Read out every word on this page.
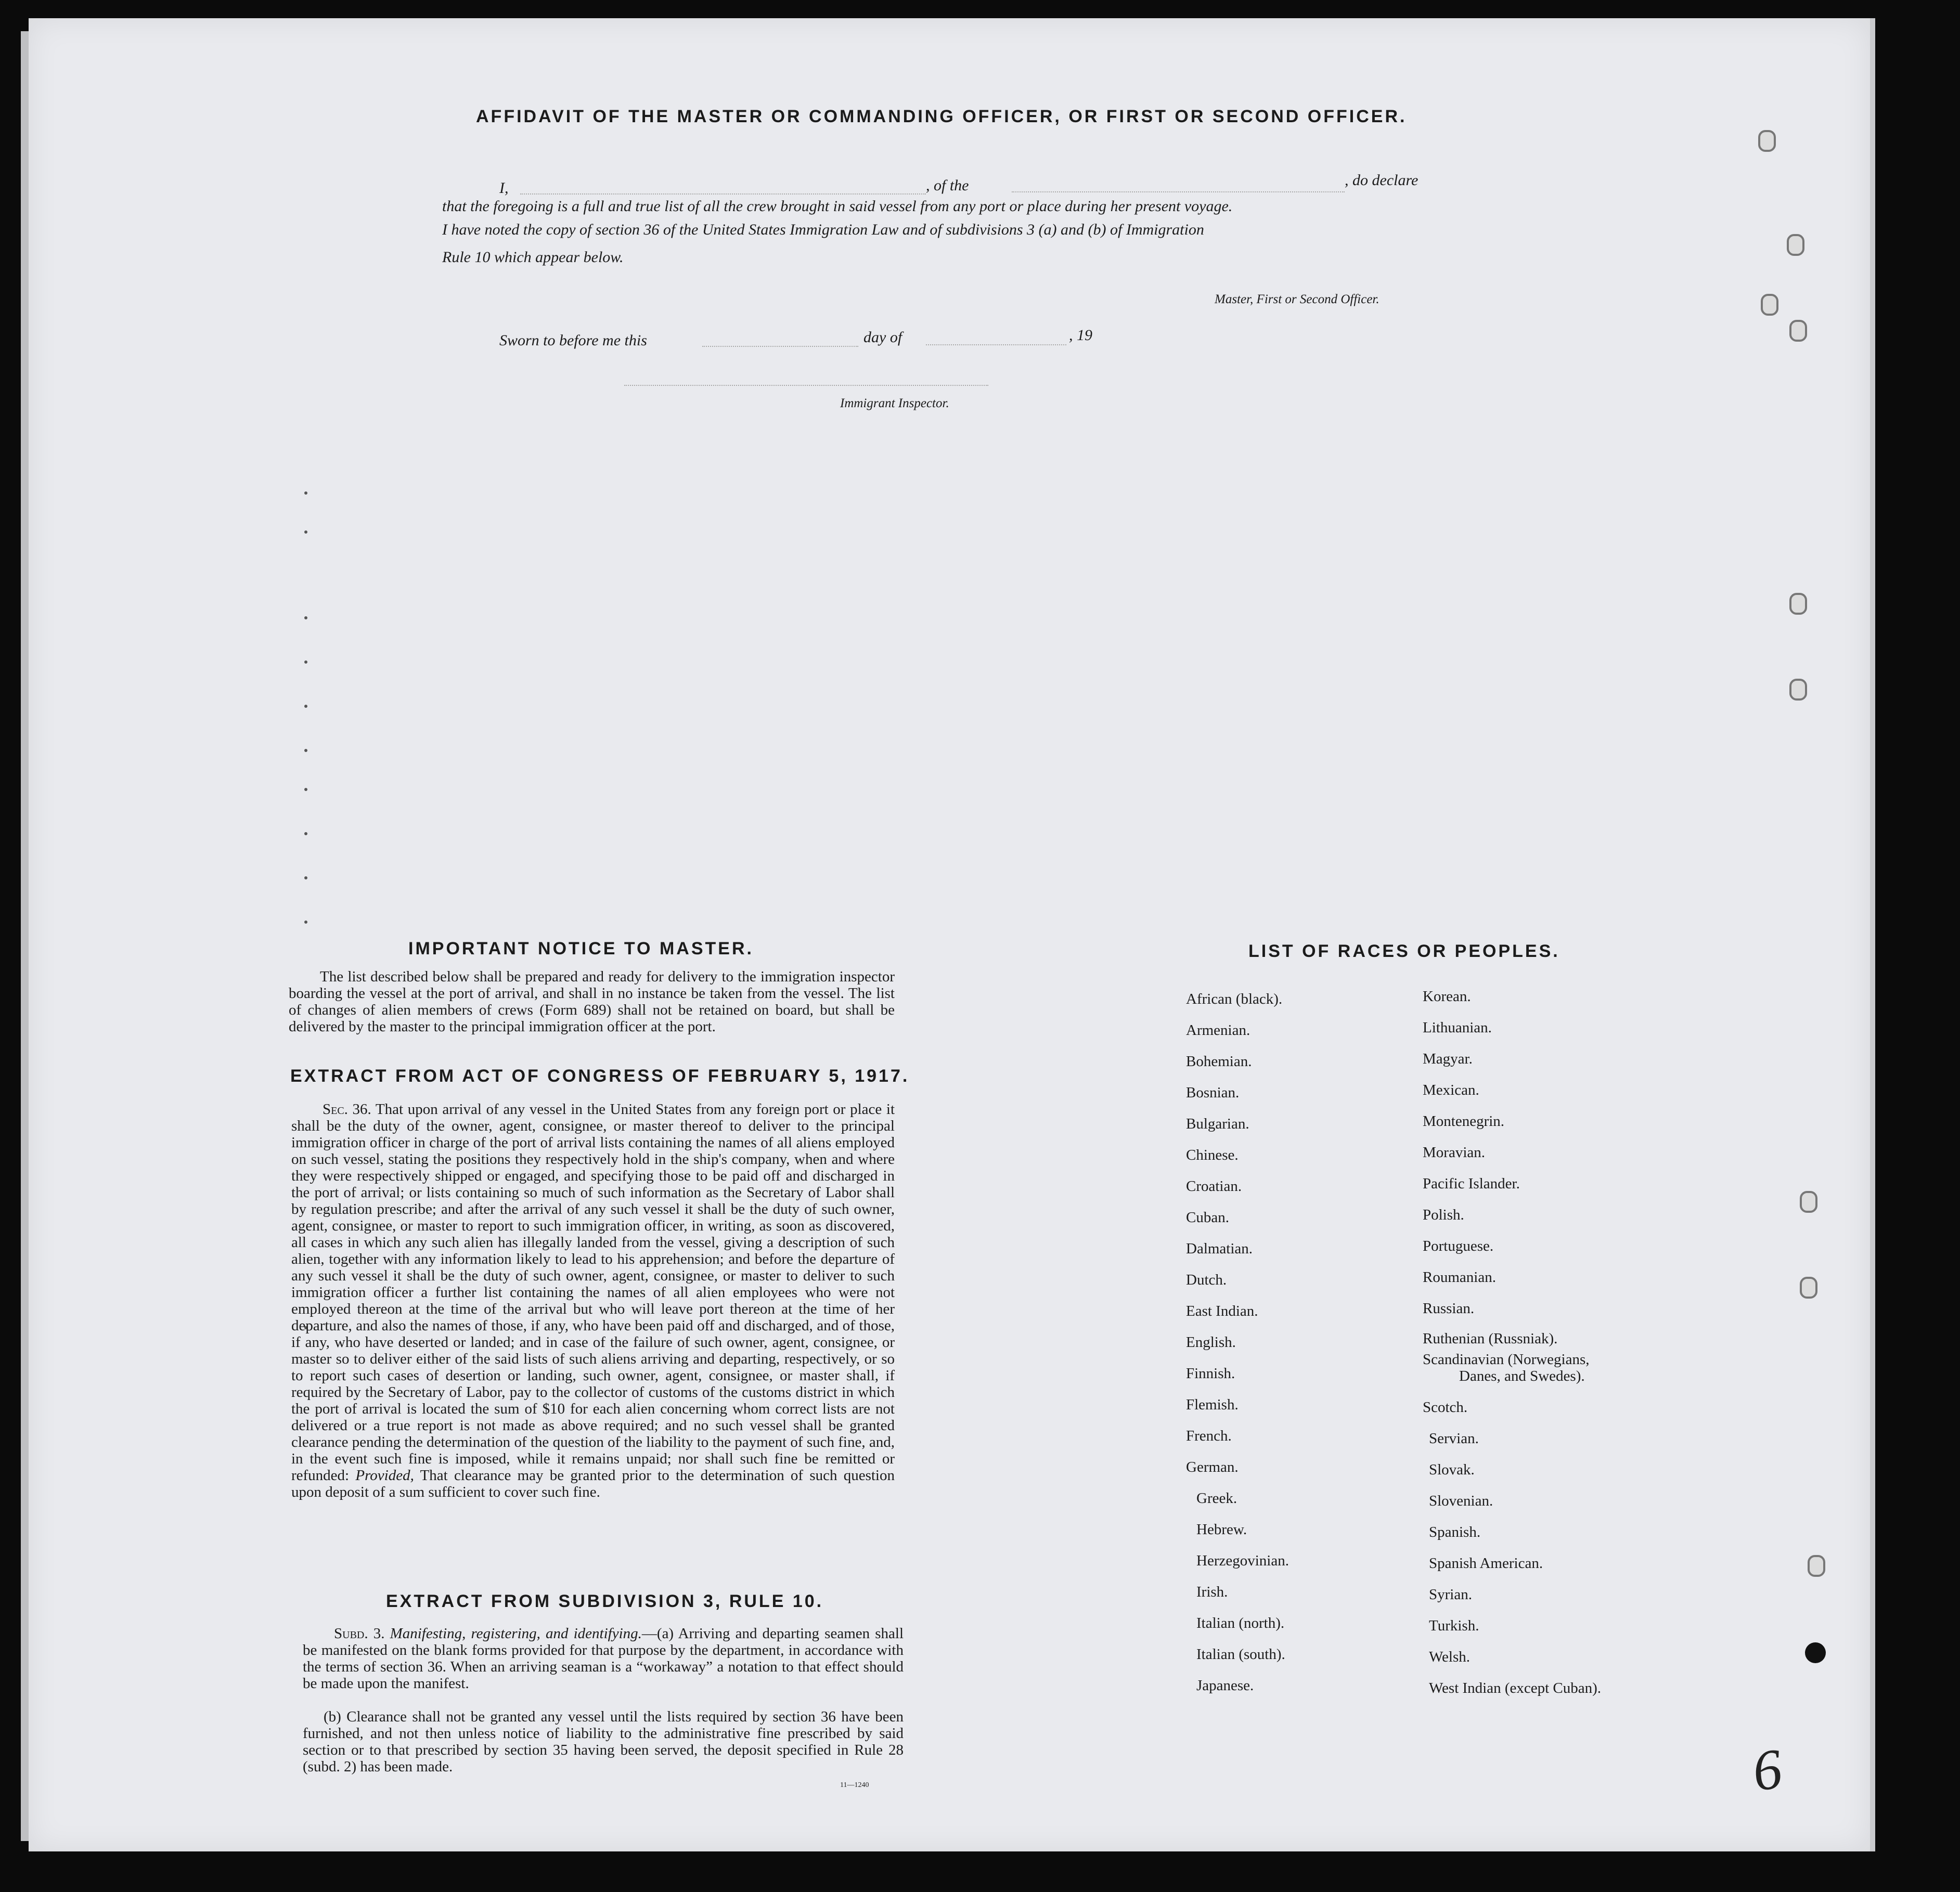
AFFIDAVIT OF THE MASTER OR COMMANDING OFFICER, OR FIRST OR SECOND OFFICER.
I,	, of the	, do declare
that the foregoing is a full and true list of all the crew brought in said vessel from any port or place during her present voyage.
I have noted the copy of section 36 of the United States Immigration Law and of subdivisions 3 (a) and (b) of Immigration
Rule 10 which appear below.
Master, First or Second Officer.
Sworn to before me this	day of	, 19
Immigrant Inspector.
IMPORTANT NOTICE TO MASTER.
The list described below shall be prepared and ready for delivery to the immigration inspector boarding the vessel at the port of arrival, and shall in no instance be taken from the vessel. The list of changes of alien members of crews (Form 689) shall not be retained on board, but shall be delivered by the master to the principal immigration officer at the port.
EXTRACT FROM ACT OF CONGRESS OF FEBRUARY 5, 1917.
Sec. 36. That upon arrival of any vessel in the United States from any foreign port or place it shall be the duty of the owner, agent, consignee, or master thereof to deliver to the principal immigration officer in charge of the port of arrival lists containing the names of all aliens employed on such vessel, stating the positions they respectively hold in the ship's company, when and where they were respectively shipped or engaged, and specifying those to be paid off and discharged in the port of arrival; or lists containing so much of such information as the Secretary of Labor shall by regulation prescribe; and after the arrival of any such vessel it shall be the duty of such owner, agent, consignee, or master to report to such immigration officer, in writing, as soon as discovered, all cases in which any such alien has illegally landed from the vessel, giving a description of such alien, together with any information likely to lead to his apprehension; and before the departure of any such vessel it shall be the duty of such owner, agent, consignee, or master to deliver to such immigration officer a further list containing the names of all alien employees who were not employed thereon at the time of the arrival but who will leave port thereon at the time of her departure, and also the names of those, if any, who have been paid off and discharged, and of those, if any, who have deserted or landed; and in case of the failure of such owner, agent, consignee, or master so to deliver either of the said lists of such aliens arriving and departing, respectively, or so to report such cases of desertion or landing, such owner, agent, consignee, or master shall, if required by the Secretary of Labor, pay to the collector of customs of the customs district in which the port of arrival is located the sum of $10 for each alien concerning whom correct lists are not delivered or a true report is not made as above required; and no such vessel shall be granted clearance pending the determination of the question of the liability to the payment of such fine, and, in the event such fine is imposed, while it remains unpaid; nor shall such fine be remitted or refunded: Provided, That clearance may be granted prior to the determination of such question upon deposit of a sum sufficient to cover such fine.
EXTRACT FROM SUBDIVISION 3, RULE 10.
Subd. 3. Manifesting, registering, and identifying.—(a) Arriving and departing seamen shall be manifested on the blank forms provided for that purpose by the department, in accordance with the terms of section 36. When an arriving seaman is a “workaway” a notation to that effect should be made upon the manifest.
(b) Clearance shall not be granted any vessel until the lists required by section 36 have been furnished, and not then unless notice of liability to the administrative fine prescribed by said section or to that prescribed by section 35 having been served, the deposit specified in Rule 28 (subd. 2) has been made.
11—1240
LIST OF RACES OR PEOPLES.
African (black).
Armenian.
Bohemian.
Bosnian.
Bulgarian.
Chinese.
Croatian.
Cuban.
Dalmatian.
Dutch.
East Indian.
English.
Finnish.
Flemish.
French.
German.
Greek.
Hebrew.
Herzegovinian.
Irish.
Italian (north).
Italian (south).
Japanese.
Korean.
Lithuanian.
Magyar.
Mexican.
Montenegrin.
Moravian.
Pacific Islander.
Polish.
Portuguese.
Roumanian.
Russian.
Ruthenian (Russniak).
Scandinavian (Norwegians,
Danes, and Swedes).
Scotch.
Servian.
Slovak.
Slovenian.
Spanish.
Spanish American.
Syrian.
Turkish.
Welsh.
West Indian (except Cuban).
6
